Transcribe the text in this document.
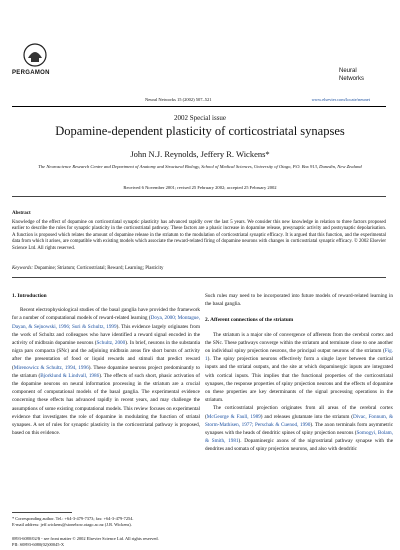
PERGAMON	Neural
Networks
Neural Networks 15 (2002) 507–521	www.elsevier.com/locate/neunet
2002 Special issue
Dopamine-dependent plasticity of corticostriatal synapses
John N.J. Reynolds, Jeffery R. Wickens*
The Neuroscience Research Centre and Department of Anatomy and Structural Biology, School of Medical Sciences, University of Otago, P.O. Box 913, Dunedin, New Zealand
Received 6 November 2001; revised 25 February 2002; accepted 25 February 2002
Abstract
Knowledge of the effect of dopamine on corticostriatal synaptic plasticity has advanced rapidly over the last 5 years. We consider this new knowledge in relation to three factors proposed earlier to describe the rules for synaptic plasticity in the corticostriatal pathway. These factors are a phasic increase in dopamine release, presynaptic activity and postsynaptic depolarisation. A function is proposed which relates the amount of dopamine release in the striatum to the modulation of corticostriatal synaptic efficacy. It is argued that this function, and the experimental data from which it arises, are compatible with existing models which associate the reward-related firing of dopamine neurons with changes in corticostriatal synaptic efficacy. © 2002 Elsevier Science Ltd. All rights reserved.
Keywords: Dopamine; Striatum; Corticostriatal; Reward; Learning; Plasticity
1. Introduction

Recent electrophysiological studies of the basal ganglia have provided the framework for a number of computational models of reward-related learning (Doya, 2000; Montague, Dayan, & Sejnowski, 1996; Suri & Schultz, 1999). This evidence largely originates from the work of Schultz and colleagues who have identified a reward signal encoded in the activity of midbrain dopamine neurons (Schultz, 2000). In brief, neurons in the substantia nigra pars compacta (SNc) and the adjoining midbrain areas fire short bursts of activity after the presentation of food or liquid rewards and stimuli that predict reward (Mirenowicz & Schultz, 1994, 1996). These dopamine neurons project predominantly to the striatum (Bjorklund & Lindvall, 1986). The effects of such short, phasic activation of the dopamine neurons on neural information processing in the striatum are a crucial component of computational models of the basal ganglia. The experimental evidence concerning these effects has advanced rapidly in recent years, and may challenge the assumptions of some existing computational models. This review focuses on experimental evidence that investigates the role of dopamine in modulating the function of striatal synapses. A set of rules for synaptic plasticity in the corticostriatal pathway is proposed, based on this evidence.

Such rules may need to be incorporated into future models of reward-related learning in the basal ganglia.

2. Afferent connections of the striatum

The striatum is a major site of convergence of afferents from the cerebral cortex and the SNc. These pathways converge within the striatum and terminate close to one another on individual spiny projection neurons, the principal output neurons of the striatum (Fig. 1). The spiny projection neurons effectively form a single layer between the cortical inputs and the striatal outputs, and the site at which dopaminergic inputs are integrated with cortical inputs. This implies that the functional properties of the corticostriatal synapses, the response properties of spiny projection neurons and the effects of dopamine on these properties are key determinants of the signal processing operations in the striatum.

The corticostriatal projection originates from all areas of the cerebral cortex (McGeorge & Faull, 1989) and releases glutamate into the striatum (Divac, Fonnum, & Storm-Mathisen, 1977; Perschak & Cuenod, 1990). The axon terminals form asymmetric synapses with the heads of dendritic spines of spiny projection neurons (Somogyi, Bolam, & Smith, 1981). Dopaminergic axons of the nigrostriatal pathway synapse with the dendrites and somata of spiny projection neurons, and also with dendritic

* Corresponding author. Tel.: +64-3-479-7373; fax: +64-3-479-7254.
E-mail address: jeff.wickens@stonebow.otago.ac.nz (J.R. Wickens).
0893-6080/02/$ - see front matter © 2002 Elsevier Science Ltd. All rights reserved.
PII: S0893-6080(02)00045-X
